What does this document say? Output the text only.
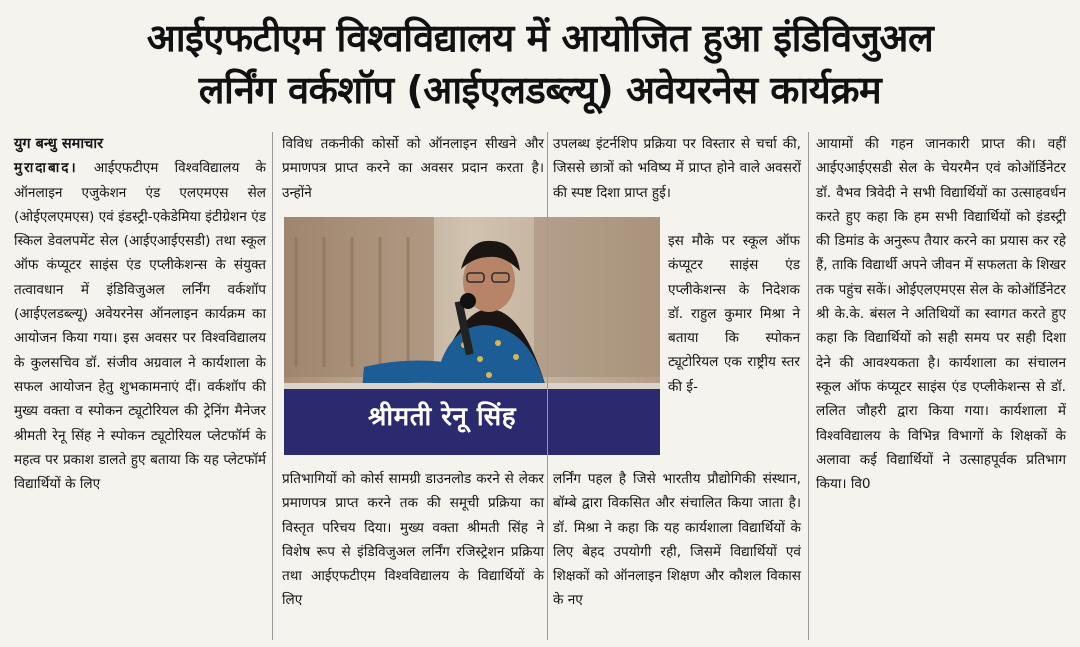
आईएफटीएम विश्वविद्यालय में आयोजित हुआ इंडिविजुअल
लर्निंग वर्कशॉप (आईएलडब्ल्यू) अवेयरनेस कार्यक्रम
युग बन्धु समाचार

मुरादाबाद। आईएफटीएम विश्वविद्यालय के ऑनलाइन एजुकेशन एंड एलएमएस सेल (ओईएलएमएस) एवं इंडस्ट्री-एकेडेमिया इंटीग्रेशन एंड स्किल डेवलपमेंट सेल (आईएआईएसडी) तथा स्कूल ऑफ कंप्यूटर साइंस एंड एप्लीकेशन्स के संयुक्त तत्वावधान में इंडिविजुअल लर्निंग वर्कशॉप (आईएलडब्ल्यू) अवेयरनेस ऑनलाइन कार्यक्रम का आयोजन किया गया। इस अवसर पर विश्वविद्यालय के कुलसचिव डॉ. संजीव अग्रवाल ने कार्यशाला के सफल आयोजन हेतु शुभकामनाएं दीं। वर्कशॉप की मुख्य वक्ता व स्पोकन ट्यूटोरियल की ट्रेनिंग मैनेजर श्रीमती रेनू सिंह ने स्पोकन ट्यूटोरियल प्लेटफॉर्म के महत्व पर प्रकाश डालते हुए बताया कि यह प्लेटफॉर्म विद्यार्थियों के लिए

विविध तकनीकी कोर्सो को ऑनलाइन सीखने और प्रमाणपत्र प्राप्त करने का अवसर प्रदान करता है। उन्होंने

श्रीमती रेनू सिंह

प्रतिभागियों को कोर्स सामग्री डाउनलोड करने से लेकर प्रमाणपत्र प्राप्त करने तक की समूची प्रक्रिया का विस्तृत परिचय दिया। मुख्य वक्ता श्रीमती सिंह ने विशेष रूप से इंडिविजुअल लर्निंग रजिस्ट्रेशन प्रक्रिया तथा आईएफटीएम विश्वविद्यालय के विद्यार्थियों के लिए

उपलब्ध इंटर्नशिप प्रक्रिया पर विस्तार से चर्चा की, जिससे छात्रों को भविष्य में प्राप्त होने वाले अवसरों की स्पष्ट दिशा प्राप्त हुई।

इस मौके पर स्कूल ऑफ कंप्यूटर साइंस एंड एप्लीकेशन्स के निदेशक डॉ. राहुल कुमार मिश्रा ने बताया कि स्पोकन ट्यूटोरियल एक राष्ट्रीय स्तर की ई-

लर्निंग पहल है जिसे भारतीय प्रौद्योगिकी संस्थान, बॉम्बे द्वारा विकसित और संचालित किया जाता है। डॉ. मिश्रा ने कहा कि यह कार्यशाला विद्यार्थियों के लिए बेहद उपयोगी रही, जिसमें विद्यार्थियों एवं शिक्षकों को ऑनलाइन शिक्षण और कौशल विकास के नए

आयामों की गहन जानकारी प्राप्त की। वहीं आईएआईएसडी सेल के चेयरमैन एवं कोऑर्डिनेटर डॉ. वैभव त्रिवेदी ने सभी विद्यार्थियों का उत्साहवर्धन करते हुए कहा कि हम सभी विद्यार्थियों को इंडस्ट्री की डिमांड के अनुरूप तैयार करने का प्रयास कर रहे हैं, ताकि विद्यार्थी अपने जीवन में सफलता के शिखर तक पहुंच सकें। ओईएलएमएस सेल के कोऑर्डिनेटर श्री के.के. बंसल ने अतिथियों का स्वागत करते हुए कहा कि विद्यार्थियों को सही समय पर सही दिशा देने की आवश्यकता है। कार्यशाला का संचालन स्कूल ऑफ कंप्यूटर साइंस एंड एप्लीकेशन्स से डॉ. ललित जौहरी द्वारा किया गया। कार्यशाला में विश्वविद्यालय के विभिन्न विभागों के शिक्षकों के अलावा कई विद्यार्थियों ने उत्साहपूर्वक प्रतिभाग किया। वि0
